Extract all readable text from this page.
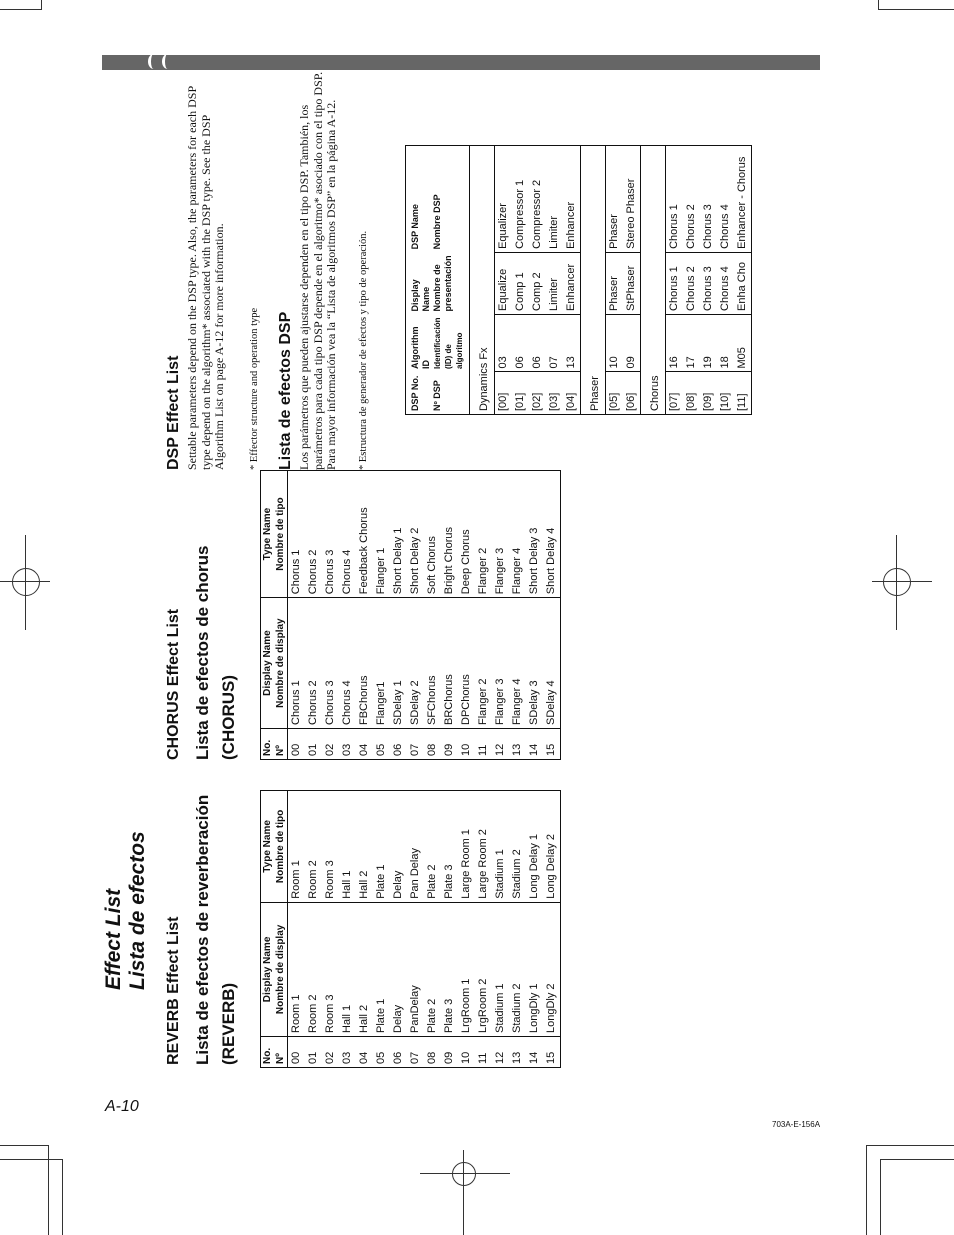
A-10
703A-E-156A
Effect List Lista de efectos
REVERB Effect List Lista de efectos de reverberación (REVERB)	No.	Display Name	Type Name
Nº	Nombre de display	Nombre de tipo
00	Room 1	Room 1
01	Room 2	Room 2
02	Room 3	Room 3
03	Hall 1	Hall 1
04	Hall 2	Hall 2
05	Plate 1	Plate 1
06	Delay	Delay
07	PanDelay	Pan Delay
08	Plate 2	Plate 2
09	Plate 3	Plate 3
10	LrgRoom 1	Large Room 1
11	LrgRoom 2	Large Room 2
12	Stadium 1	Stadium 1
13	Stadium 2	Stadium 2
14	LongDly 1	Long Delay 1
15	LongDly 2	Long Delay 2
CHORUS Effect List Lista de efectos de chorus (CHORUS)	No.	Display Name	Type Name
Nº	Nombre de display	Nombre de tipo
00	Chorus 1	Chorus 1
01	Chorus 2	Chorus 2
02	Chorus 3	Chorus 3
03	Chorus 4	Chorus 4
04	FBChorus	Feedback Chorus
05	Flanger1	Flanger 1
06	SDelay 1	Short Delay 1
07	SDelay 2	Short Delay 2
08	SFChorus	Soft Chorus
09	BRChorus	Bright Chorus
10	DPChorus	Deep Chorus
11	Flanger 2	Flanger 2
12	Flanger 3	Flanger 3
13	Flanger 4	Flanger 4
14	SDelay 3	Short Delay 3
15	SDelay 4	Short Delay 4
DSP Effect List Settable parameters depend on the DSP type. Also, the parameters for each DSP type depend on the algorithm* associated with the DSP type. See the DSP Algorithm List on page A-12 for more information. * Effector structure and operation type Lista de efectos DSP Los parámetros que pueden ajustarse dependen en el tipo DSP. También, los parámetros para cada tipo DSP depende en el algoritmo* asociado con el tipo DSP. Para mayor información vea la “Lista de algoritmos DSP” en la página A-12. * Estructura de generador de efectos y tipo de operación.	DSP No.	Algorithm ID	Display Name	DSP Name
Nº DSP	Identificación (ID) de algoritmo	Nombre de presentación	Nombre DSP
Dynamics Fx			
[00]	03	Equalize	Equalizer
[01]	06	Comp 1	Compressor 1
[02]	06	Comp 2	Compressor 2
[03]	07	Limiter	Limiter
[04]	13	Enhancer	Enhancer
Phaser			
[05]	10	Phaser	Phaser
[06]	09	StPhaser	Stereo Phaser
Chorus			
[07]	16	Chorus 1	Chorus 1
[08]	17	Chorus 2	Chorus 2
[09]	19	Chorus 3	Chorus 3
[10]	18	Chorus 4	Chorus 4
[11]	M05	Enha Cho	Enhancer - Chorus
